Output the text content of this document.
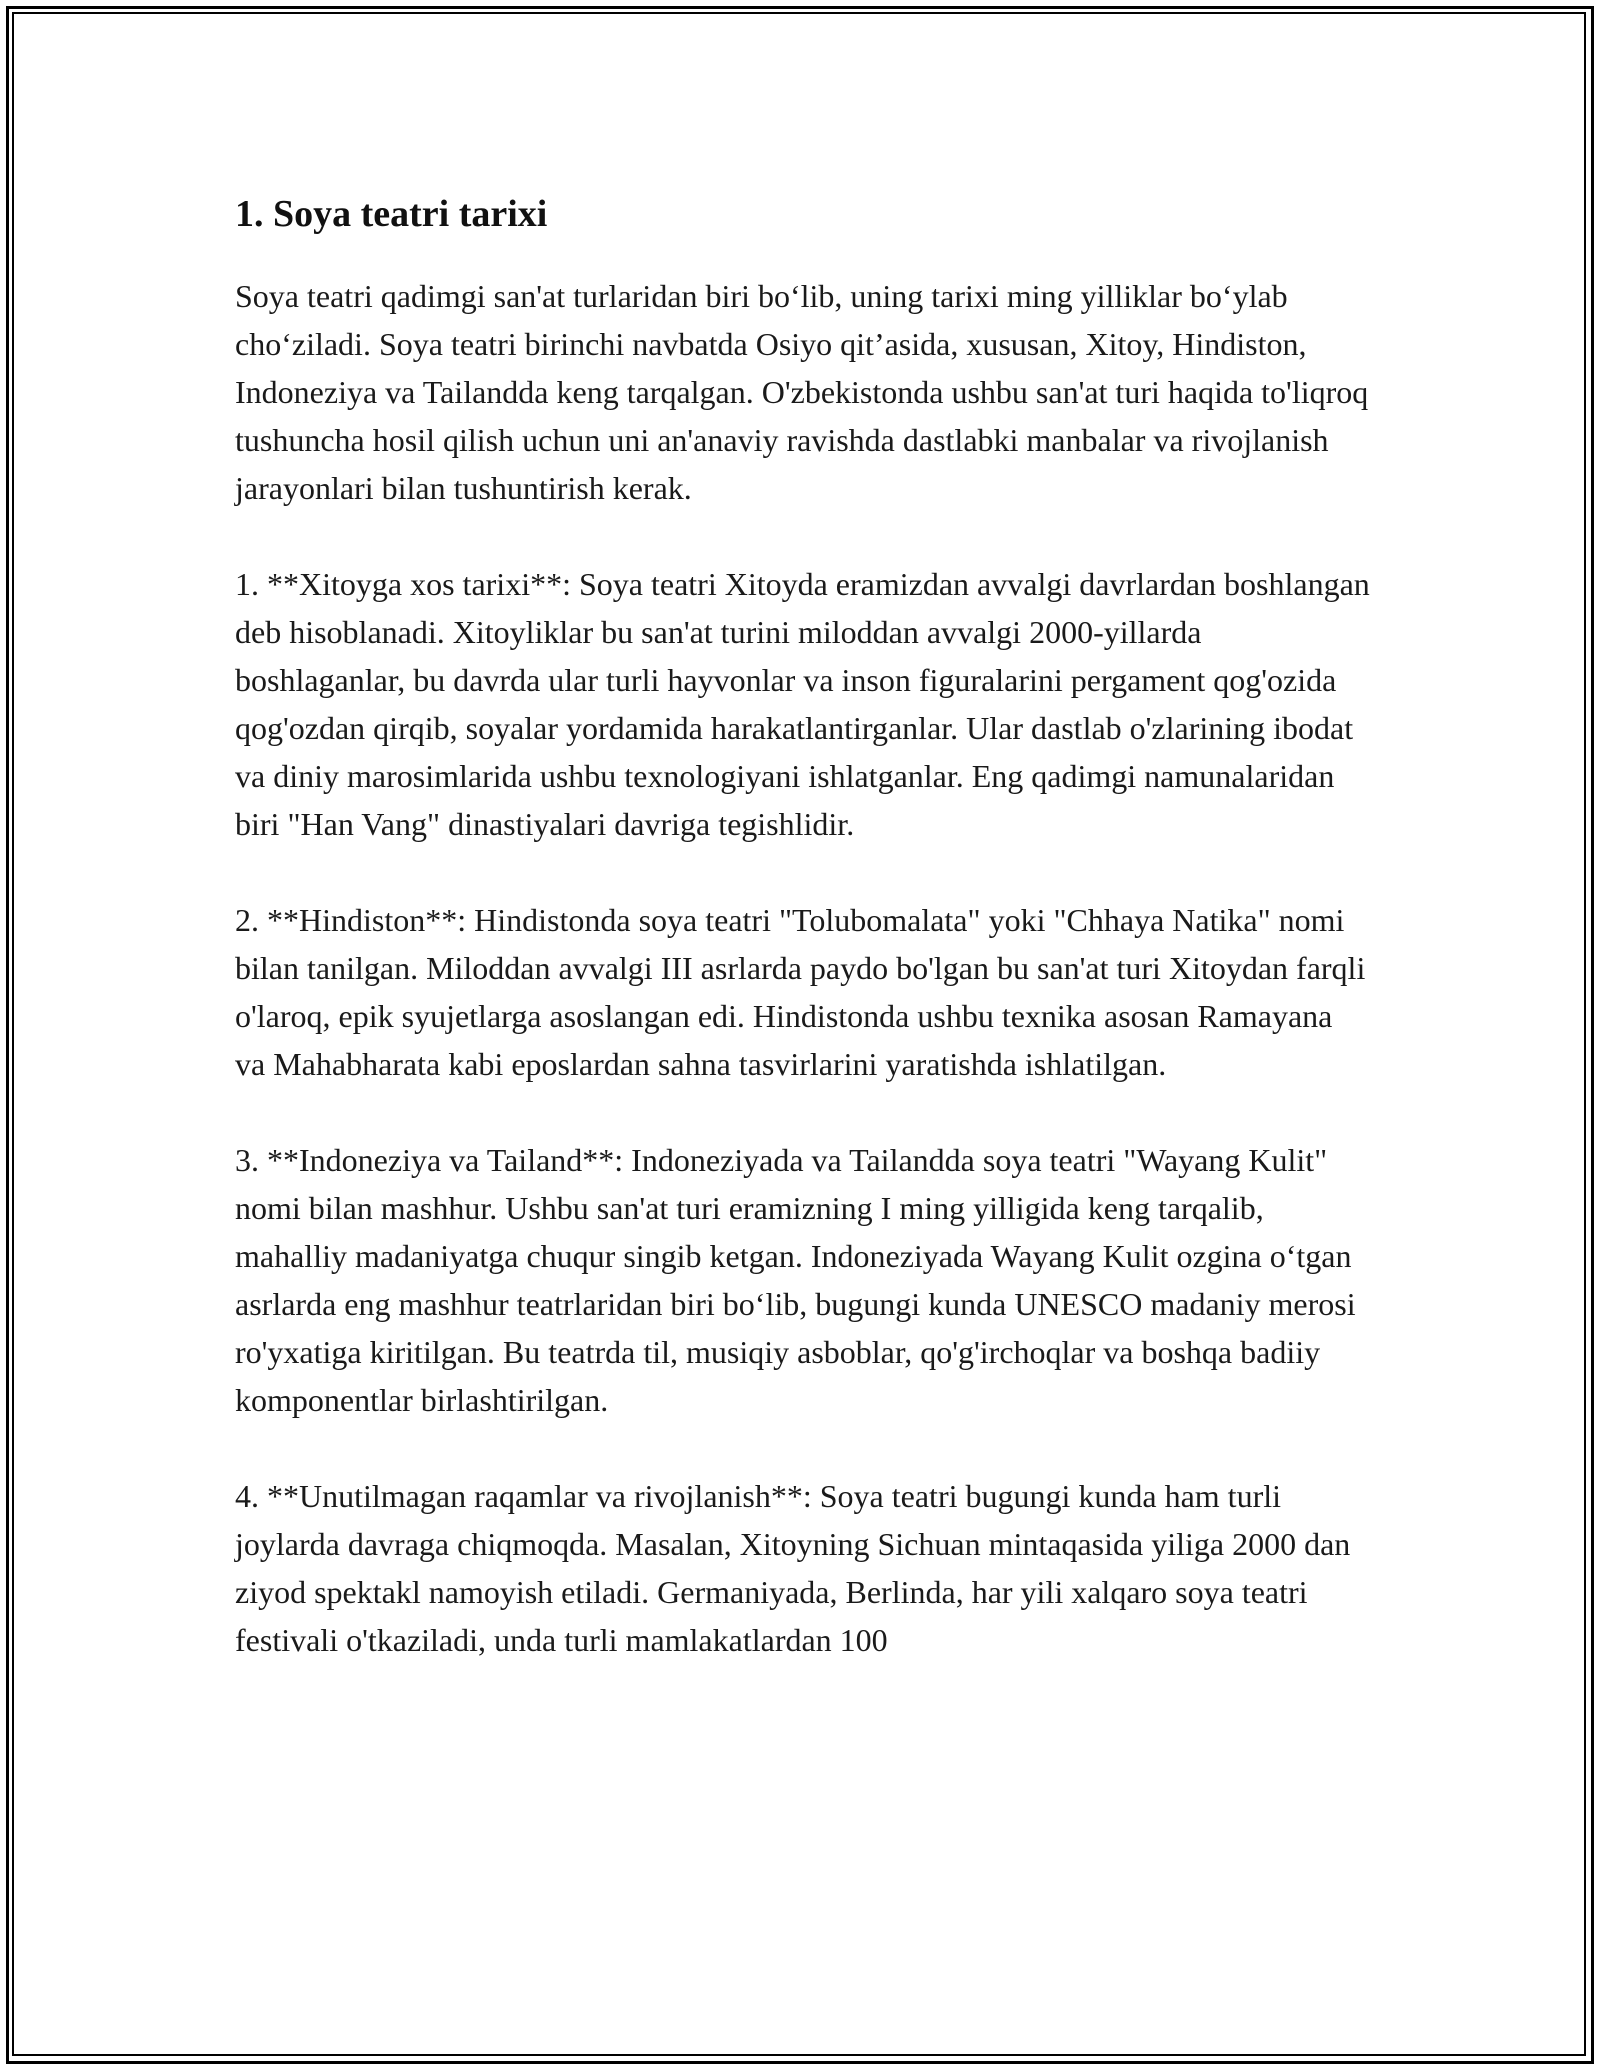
1. Soya teatri tarixi

Soya teatri qadimgi san'at turlaridan biri bo‘lib, uning tarixi ming yilliklar bo‘ylab cho‘ziladi. Soya teatri birinchi navbatda Osiyo qit’asida, xususan, Xitoy, Hindiston, Indoneziya va Tailandda keng tarqalgan. O'zbekistonda ushbu san'at turi haqida to'liqroq tushuncha hosil qilish uchun uni an'anaviy ravishda dastlabki manbalar va rivojlanish jarayonlari bilan tushuntirish kerak.

1. **Xitoyga xos tarixi**: Soya teatri Xitoyda eramizdan avvalgi davrlardan boshlangan deb hisoblanadi. Xitoyliklar bu san'at turini miloddan avvalgi 2000-yillarda boshlaganlar, bu davrda ular turli hayvonlar va inson figuralarini pergament qog'ozida qog'ozdan qirqib, soyalar yordamida harakatlantirganlar. Ular dastlab o'zlarining ibodat va diniy marosimlarida ushbu texnologiyani ishlatganlar. Eng qadimgi namunalaridan biri "Han Vang" dinastiyalari davriga tegishlidir.

2. **Hindiston**: Hindistonda soya teatri "Tolubomalata" yoki "Chhaya Natika" nomi bilan tanilgan. Miloddan avvalgi III asrlarda paydo bo'lgan bu san'at turi Xitoydan farqli o'laroq, epik syujetlarga asoslangan edi. Hindistonda ushbu texnika asosan Ramayana va Mahabharata kabi eposlardan sahna tasvirlarini yaratishda ishlatilgan.

3. **Indoneziya va Tailand**: Indoneziyada va Tailandda soya teatri "Wayang Kulit" nomi bilan mashhur. Ushbu san'at turi eramizning I ming yilligida keng tarqalib, mahalliy madaniyatga chuqur singib ketgan. Indoneziyada Wayang Kulit ozgina o‘tgan asrlarda eng mashhur teatrlaridan biri bo‘lib, bugungi kunda UNESCO madaniy merosi ro'yxatiga kiritilgan. Bu teatrda til, musiqiy asboblar, qo'g'irchoqlar va boshqa badiiy komponentlar birlashtirilgan.

4. **Unutilmagan raqamlar va rivojlanish**: Soya teatri bugungi kunda ham turli joylarda davraga chiqmoqda. Masalan, Xitoyning Sichuan mintaqasida yiliga 2000 dan ziyod spektakl namoyish etiladi. Germaniyada, Berlinda, har yili xalqaro soya teatri festivali o'tkaziladi, unda turli mamlakatlardan 100
